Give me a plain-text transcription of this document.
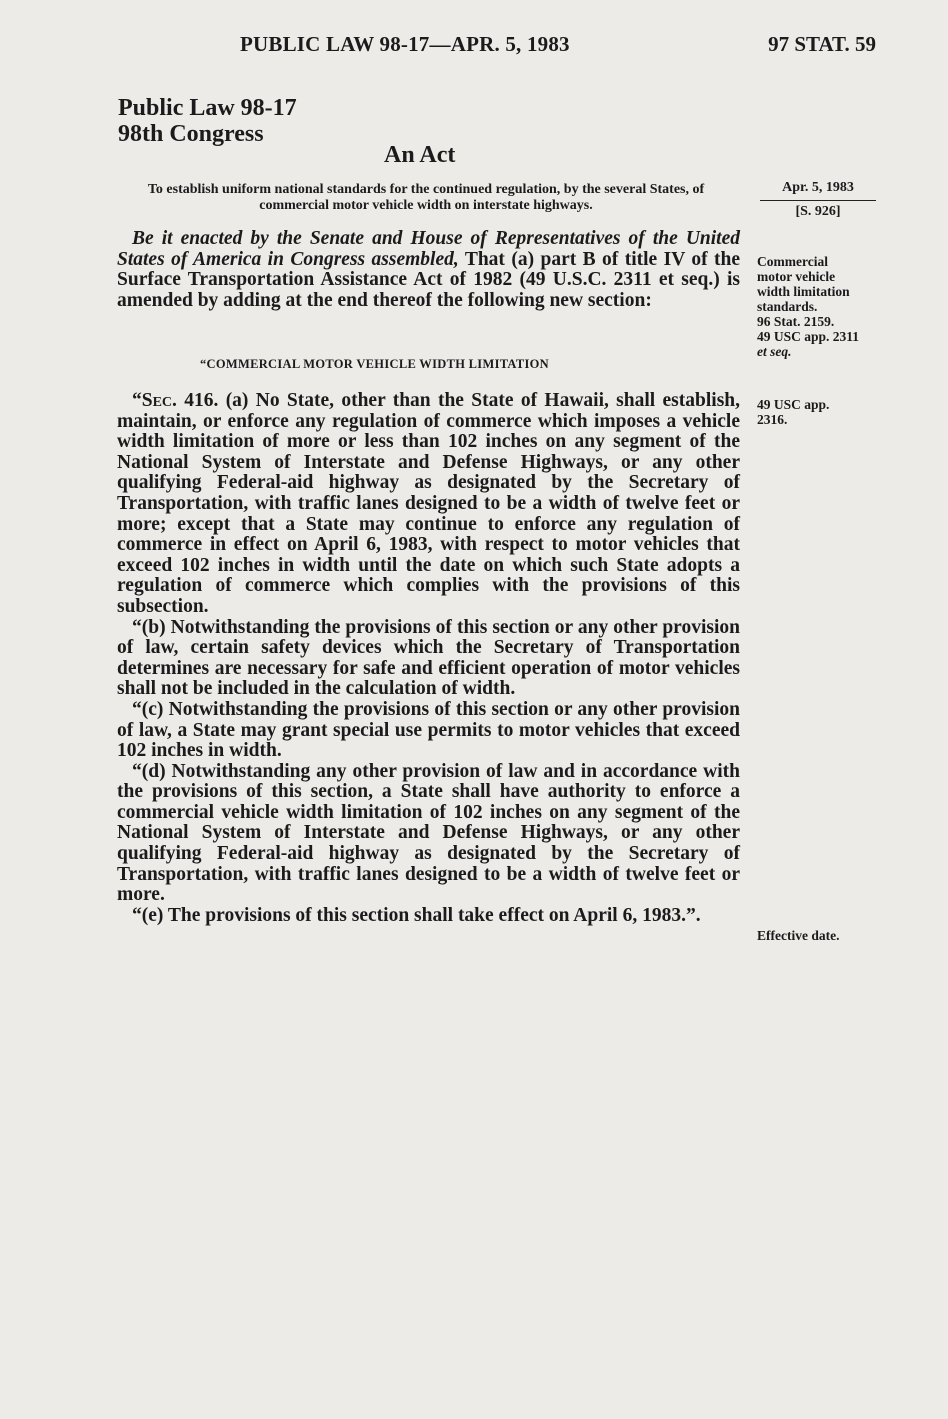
PUBLIC LAW 98-17—APR. 5, 1983	97 STAT. 59
Public Law 98-17
98th Congress
An Act
To establish uniform national standards for the continued regulation, by the several States, of commercial motor vehicle width on interstate highways.
Apr. 5, 1983
[S. 926]

Be it enacted by the Senate and House of Representatives of the United States of America in Congress assembled, That (a) part B of title IV of the Surface Transportation Assistance Act of 1982 (49 U.S.C. 2311 et seq.) is amended by adding at the end thereof the following new section:

“COMMERCIAL MOTOR VEHICLE WIDTH LIMITATION

“Sec. 416. (a) No State, other than the State of Hawaii, shall establish, maintain, or enforce any regulation of commerce which imposes a vehicle width limitation of more or less than 102 inches on any segment of the National System of Interstate and Defense Highways, or any other qualifying Federal-aid highway as designated by the Secretary of Transportation, with traffic lanes designed to be a width of twelve feet or more; except that a State may continue to enforce any regulation of commerce in effect on April 6, 1983, with respect to motor vehicles that exceed 102 inches in width until the date on which such State adopts a regulation of commerce which complies with the provisions of this subsection.

“(b) Notwithstanding the provisions of this section or any other provision of law, certain safety devices which the Secretary of Transportation determines are necessary for safe and efficient operation of motor vehicles shall not be included in the calculation of width.

“(c) Notwithstanding the provisions of this section or any other provision of law, a State may grant special use permits to motor vehicles that exceed 102 inches in width.

“(d) Notwithstanding any other provision of law and in accordance with the provisions of this section, a State shall have authority to enforce a commercial vehicle width limitation of 102 inches on any segment of the National System of Interstate and Defense Highways, or any other qualifying Federal-aid highway as designated by the Secretary of Transportation, with traffic lanes designed to be a width of twelve feet or more.

“(e) The provisions of this section shall take effect on April 6, 1983.”.

Commercial
motor vehicle
width limitation
standards.
96 Stat. 2159.
49 USC app. 2311
et seq.
49 USC app. 2316.
Effective date.
